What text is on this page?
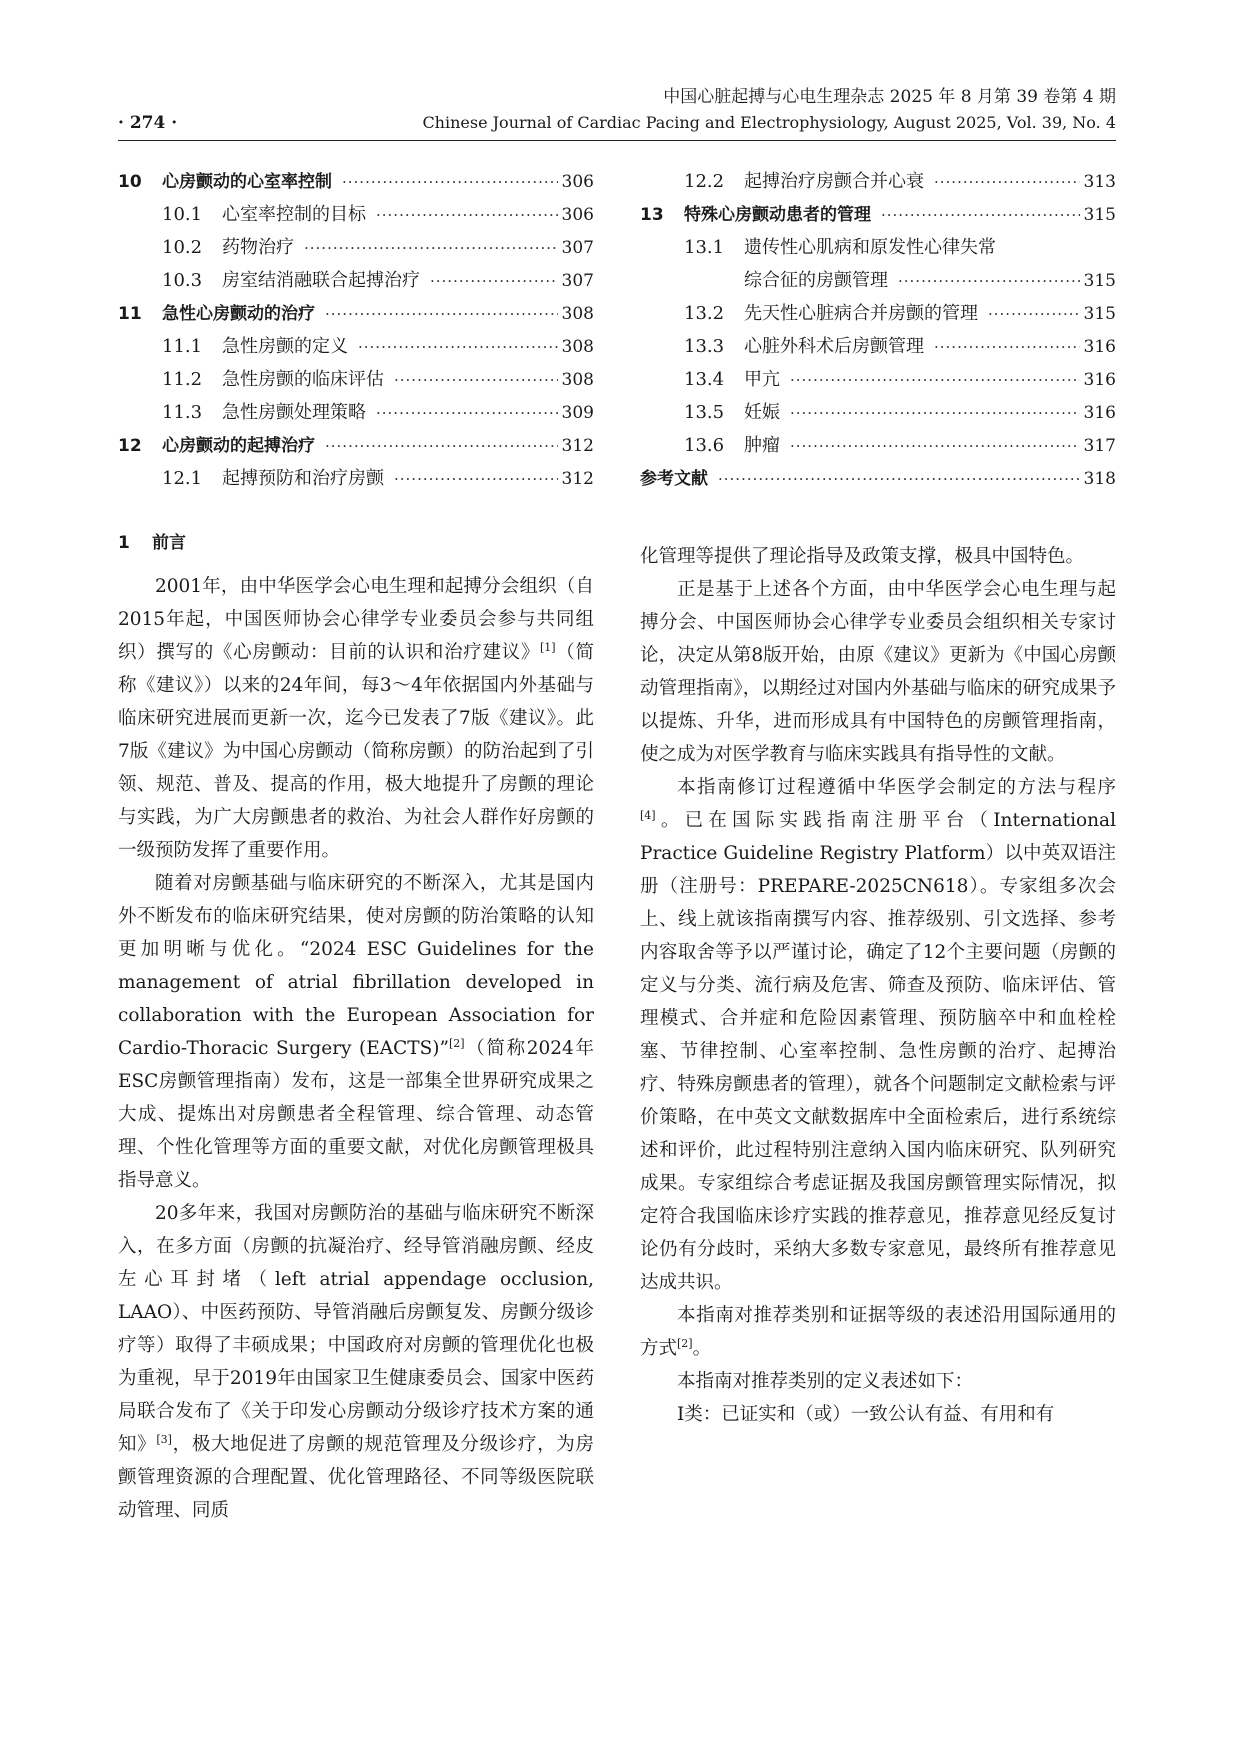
中国心脏起搏与心电生理杂志 2025 年 8 月第 39 卷第 4 期
· 274 ·	Chinese Journal of Cardiac Pacing and Electrophysiology, August 2025, Vol. 39, No. 4
10	心房颤动的心室率控制 ·····	306
10.1	心室率控制的目标 ·····	306
10.2	药物治疗 ·····	307
10.3	房室结消融联合起搏治疗 ·····	307
11	急性心房颤动的治疗 ·····	308
11.1	急性房颤的定义 ·····	308
11.2	急性房颤的临床评估 ·····	308
11.3	急性房颤处理策略 ·····	309
12	心房颤动的起搏治疗 ·····	312
12.1	起搏预防和治疗房颤 ·····	312
12.2	起搏治疗房颤合并心衰 ·····	313
13	特殊心房颤动患者的管理 ·····	315
13.1	遗传性心肌病和原发性心律失常
综合征的房颤管理 ·····	315
13.2	先天性心脏病合并房颤的管理 ·····	315
13.3	心脏外科术后房颤管理 ·····	316
13.4	甲亢 ·····	316
13.5	妊娠 ·····	316
13.6	肿瘤 ·····	317
参考文献 ·····	318
1 前言

2001年，由中华医学会心电生理和起搏分会组织（自2015年起，中国医师协会心律学专业委员会参与共同组织）撰写的《心房颤动：目前的认识和治疗建议》[1]（简称《建议》）以来的24年间，每3～4年依据国内外基础与临床研究进展而更新一次，迄今已发表了7版《建议》。此7版《建议》为中国心房颤动（简称房颤）的防治起到了引领、规范、普及、提高的作用，极大地提升了房颤的理论与实践，为广大房颤患者的救治、为社会人群作好房颤的一级预防发挥了重要作用。

随着对房颤基础与临床研究的不断深入，尤其是国内外不断发布的临床研究结果，使对房颤的防治策略的认知更加明晰与优化。“2024 ESC Guidelines for the management of atrial fibrillation developed in collaboration with the European Association for Cardio-Thoracic Surgery (EACTS)”[2]（简称2024年ESC房颤管理指南）发布，这是一部集全世界研究成果之大成、提炼出对房颤患者全程管理、综合管理、动态管理、个性化管理等方面的重要文献，对优化房颤管理极具指导意义。

20多年来，我国对房颤防治的基础与临床研究不断深入，在多方面（房颤的抗凝治疗、经导管消融房颤、经皮左心耳封堵（left atrial appendage occlusion, LAAO）、中医药预防、导管消融后房颤复发、房颤分级诊疗等）取得了丰硕成果；中国政府对房颤的管理优化也极为重视，早于2019年由国家卫生健康委员会、国家中医药局联合发布了《关于印发心房颤动分级诊疗技术方案的通知》[3]，极大地促进了房颤的规范管理及分级诊疗，为房颤管理资源的合理配置、优化管理路径、不同等级医院联动管理、同质

化管理等提供了理论指导及政策支撑，极具中国特色。

正是基于上述各个方面，由中华医学会心电生理与起搏分会、中国医师协会心律学专业委员会组织相关专家讨论，决定从第8版开始，由原《建议》更新为《中国心房颤动管理指南》，以期经过对国内外基础与临床的研究成果予以提炼、升华，进而形成具有中国特色的房颤管理指南，使之成为对医学教育与临床实践具有指导性的文献。

本指南修订过程遵循中华医学会制定的方法与程序[4]。已在国际实践指南注册平台（International Practice Guideline Registry Platform）以中英双语注册（注册号：PREPARE-2025CN618）。专家组多次会上、线上就该指南撰写内容、推荐级别、引文选择、参考内容取舍等予以严谨讨论，确定了12个主要问题（房颤的定义与分类、流行病及危害、筛查及预防、临床评估、管理模式、合并症和危险因素管理、预防脑卒中和血栓栓塞、节律控制、心室率控制、急性房颤的治疗、起搏治疗、特殊房颤患者的管理），就各个问题制定文献检索与评价策略，在中英文文献数据库中全面检索后，进行系统综述和评价，此过程特别注意纳入国内临床研究、队列研究成果。专家组综合考虑证据及我国房颤管理实际情况，拟定符合我国临床诊疗实践的推荐意见，推荐意见经反复讨论仍有分歧时，采纳大多数专家意见，最终所有推荐意见达成共识。

本指南对推荐类别和证据等级的表述沿用国际通用的方式[2]。

本指南对推荐类别的定义表述如下：

Ⅰ类：已证实和（或）一致公认有益、有用和有
